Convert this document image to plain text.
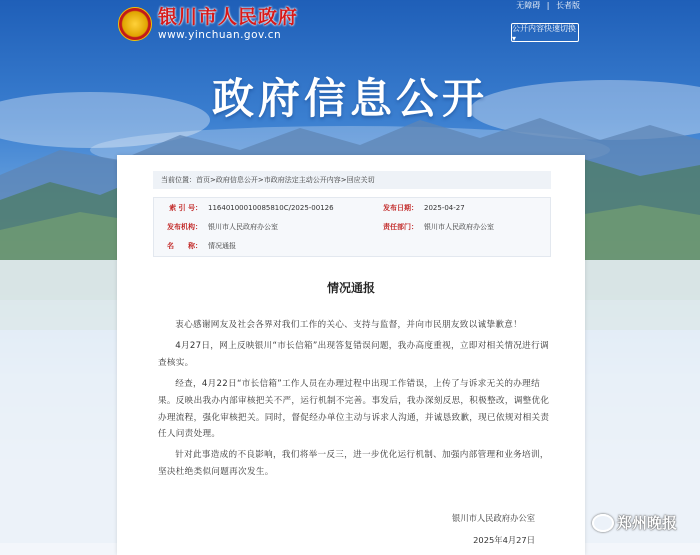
银川市人民政府
www.yinchuan.gov.cn
无障碍 | 长者版
公开内容快速切换 ▾
政府信息公开
当前位置： 首页>政府信息公开>市政府法定主动公开内容>回应关切
索 引 号： 11640100010085810C/2025-00126	发布日期： 2025-04-27
发布机构： 银川市人民政府办公室	责任部门： 银川市人民政府办公室
名　　称： 情况通报
情况通报

衷心感谢网友及社会各界对我们工作的关心、支持与监督，并向市民朋友致以诚挚歉意！

4月27日，网上反映银川“市长信箱”出现答复错误问题，我办高度重视，立即对相关情况进行调查核实。

经查，4月22日“市长信箱”工作人员在办理过程中出现工作错误，上传了与诉求无关的办理结果。反映出我办内部审核把关不严，运行机制不完善。事发后，我办深刻反思，积极整改，调整优化办理流程，强化审核把关。同时，督促经办单位主动与诉求人沟通，并诚恳致歉，现已依规对相关责任人问责处理。

针对此事造成的不良影响，我们将举一反三，进一步优化运行机制、加强内部管理和业务培训，坚决杜绝类似问题再次发生。

银川市人民政府办公室
2025年4月27日
郑州晚报
